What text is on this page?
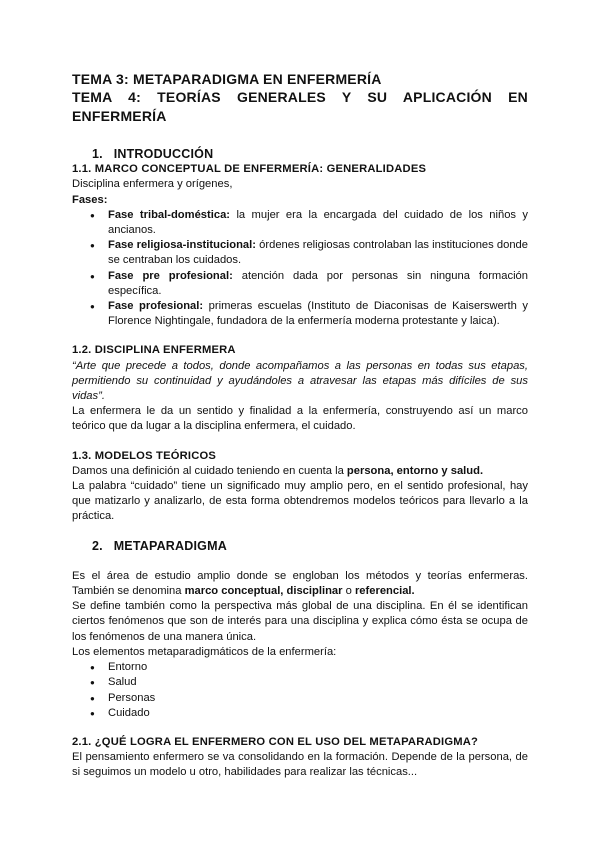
TEMA 3: METAPARADIGMA EN ENFERMERÍA
TEMA 4: TEORÍAS GENERALES Y SU APLICACIÓN EN
ENFERMERÍA
1. INTRODUCCIÓN
1.1. MARCO CONCEPTUAL DE ENFERMERÍA: GENERALIDADES

Disciplina enfermera y orígenes,

Fases:

● Fase tribal-doméstica: la mujer era la encargada del cuidado de los niños y ancianos.
● Fase religiosa-institucional: órdenes religiosas controlaban las instituciones donde se centraban los cuidados.
● Fase pre profesional: atención dada por personas sin ninguna formación específica.
● Fase profesional: primeras escuelas (Instituto de Diaconisas de Kaiserswerth y Florence Nightingale, fundadora de la enfermería moderna protestante y laica).
1.2. DISCIPLINA ENFERMERA

“Arte que precede a todos, donde acompañamos a las personas en todas sus etapas, permitiendo su continuidad y ayudándoles a atravesar las etapas más difíciles de sus vidas”.

La enfermera le da un sentido y finalidad a la enfermería, construyendo así un marco teórico que da lugar a la disciplina enfermera, el cuidado.

1.3. MODELOS TEÓRICOS

Damos una definición al cuidado teniendo en cuenta la persona, entorno y salud.

La palabra “cuidado” tiene un significado muy amplio pero, en el sentido profesional, hay que matizarlo y analizarlo, de esta forma obtendremos modelos teóricos para llevarlo a la práctica.

2. METAPARADIGMA

Es el área de estudio amplio donde se engloban los métodos y teorías enfermeras. También se denomina marco conceptual, disciplinar o referencial.

Se define también como la perspectiva más global de una disciplina. En él se identifican ciertos fenómenos que son de interés para una disciplina y explica cómo ésta se ocupa de los fenómenos de una manera única.

Los elementos metaparadigmáticos de la enfermería:

● Entorno
● Salud
● Personas
● Cuidado
2.1. ¿QUÉ LOGRA EL ENFERMERO CON EL USO DEL METAPARADIGMA?

El pensamiento enfermero se va consolidando en la formación. Depende de la persona, de si seguimos un modelo u otro, habilidades para realizar las técnicas...
